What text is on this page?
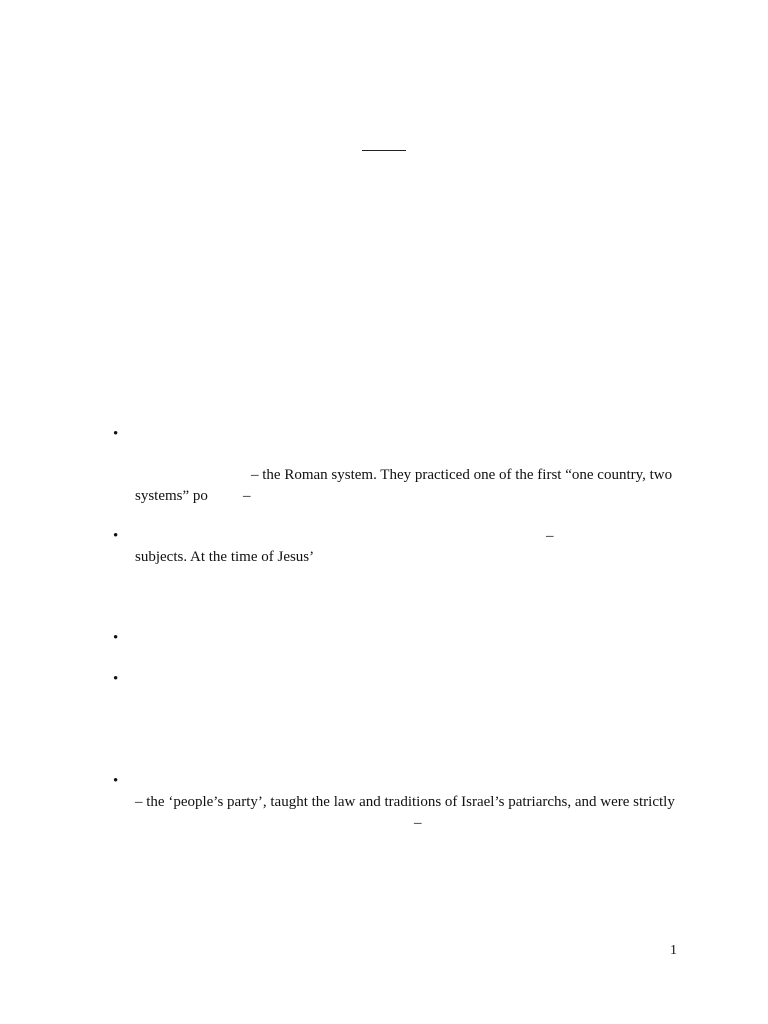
•
– the Roman system. They practiced one of the first “one country, two
systems” po –
•	–
subjects. At the time of Jesus’
•
•
•
– the ‘people’s party’, taught the law and traditions of Israel’s patriarchs, and were strictly
–
1
